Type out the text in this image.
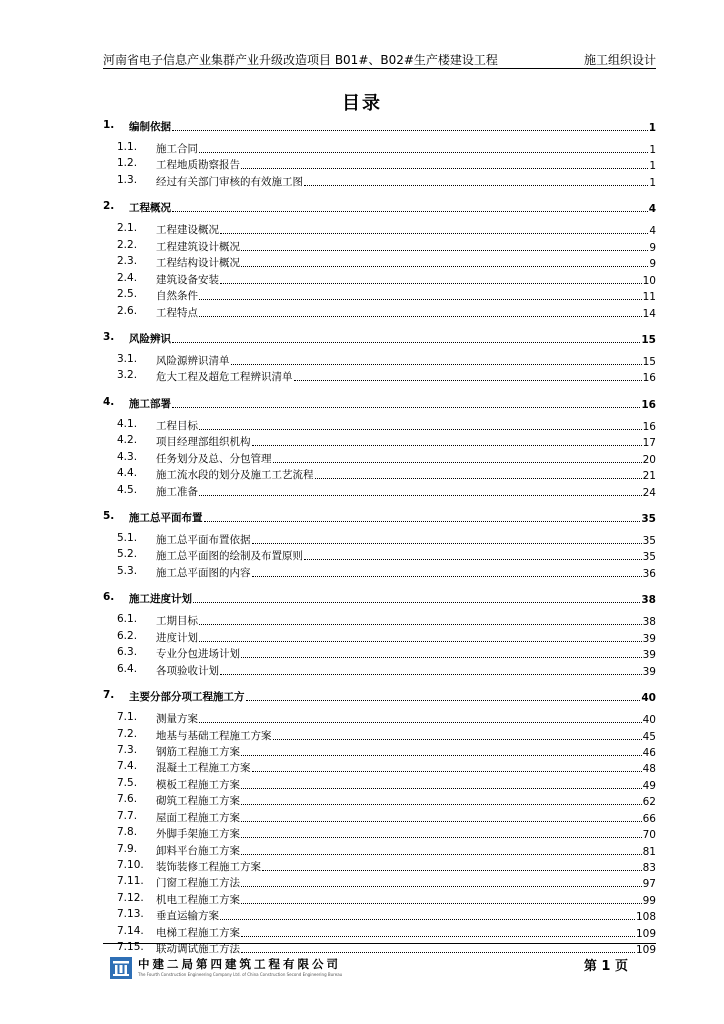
河南省电子信息产业集群产业升级改造项目 B01#、B02#生产楼建设工程	施工组织设计
目录
1. 编制依据	1
1.1. 施工合同	1
1.2. 工程地质勘察报告	1
1.3. 经过有关部门审核的有效施工图	1
2. 工程概况	4
2.1. 工程建设概况	4
2.2. 工程建筑设计概况	9
2.3. 工程结构设计概况	9
2.4. 建筑设备安装	10
2.5. 自然条件	11
2.6. 工程特点	14
3. 风险辨识	15
3.1. 风险源辨识清单	15
3.2. 危大工程及超危工程辨识清单	16
4. 施工部署	16
4.1. 工程目标	16
4.2. 项目经理部组织机构	17
4.3. 任务划分及总、分包管理	20
4.4. 施工流水段的划分及施工工艺流程	21
4.5. 施工准备	24
5. 施工总平面布置	35
5.1. 施工总平面布置依据	35
5.2. 施工总平面图的绘制及布置原则	35
5.3. 施工总平面图的内容	36
6. 施工进度计划	38
6.1. 工期目标	38
6.2. 进度计划	39
6.3. 专业分包进场计划	39
6.4. 各项验收计划	39
7. 主要分部分项工程施工方	40
7.1. 测量方案	40
7.2. 地基与基础工程施工方案	45
7.3. 钢筋工程施工方案	46
7.4. 混凝土工程施工方案	48
7.5. 模板工程施工方案	49
7.6. 砌筑工程施工方案	62
7.7. 屋面工程施工方案	66
7.8. 外脚手架施工方案	70
7.9. 卸料平台施工方案	81
7.10. 装饰装修工程施工方案	83
7.11. 门窗工程施工方法	97
7.12. 机电工程施工方案	99
7.13. 垂直运输方案	108
7.14. 电梯工程施工方案	109
7.15. 联动调试施工方法	109
中建二局第四建筑工程有限公司
The Fourth Construction Engineering Company Ltd. of China Construction Second Engineering Bureau
第 1 页
